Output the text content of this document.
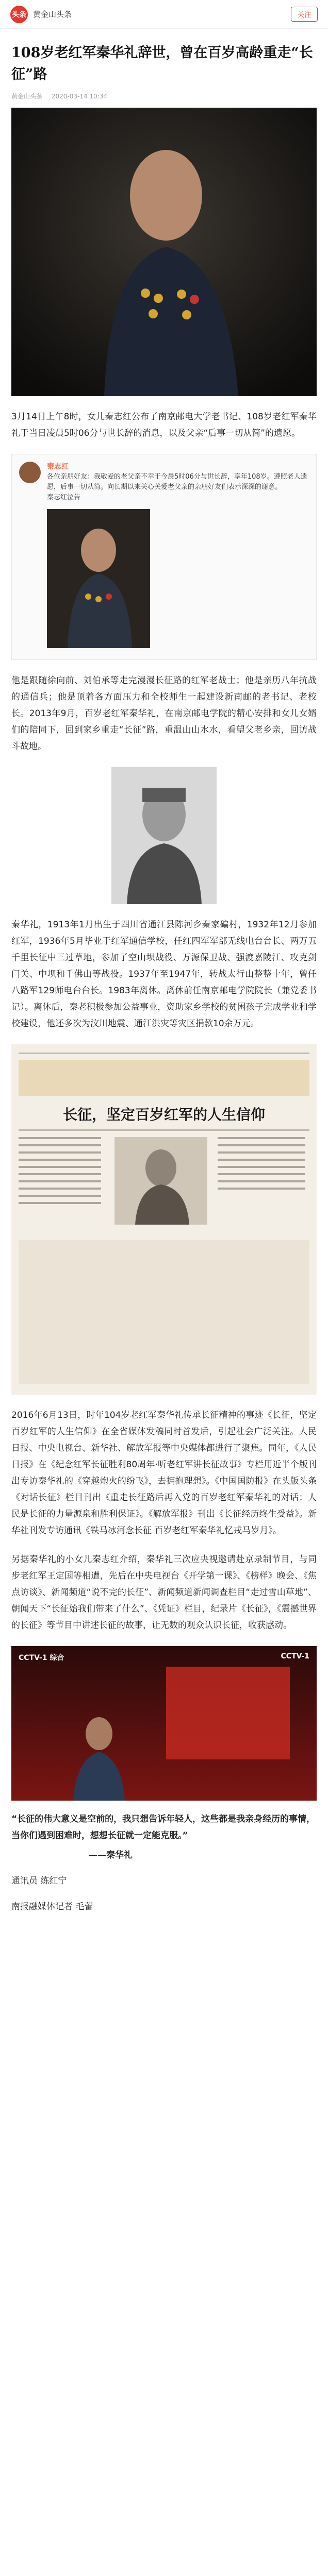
头条 黄金山头条	关注
108岁老红军秦华礼辞世，曾在百岁高龄重走“长征”路
黄金山头条 2020-03-14 10:34

3月14日上午8时，女儿秦志红公布了南京邮电大学老书记、108岁老红军秦华礼于当日凌晨5时06分与世长辞的消息，以及父亲“后事一切从简”的遗愿。

秦志红
各位亲朋好友：我敬爱的老父亲不幸于今晨5时06分与世长辞，享年108岁。遵照老人遗愿，后事一切从简。向长期以来关心关爱老父亲的亲朋好友们表示深深的谢意。
秦志红泣告

他是跟随徐向前、刘伯承等走完漫漫长征路的红军老战士；他是亲历八年抗战的通信兵；他是顶着各方面压力和全校师生一起建设新南邮的老书记、老校长。2013年9月，百岁老红军秦华礼，在南京邮电学院的精心安排和女儿女婿们的陪同下，回到家乡重走“长征”路，重温山山水水，看望父老乡亲，回访战斗故地。

秦华礼，1913年1月出生于四川省通江县陈河乡秦家碥村，1932年12月参加红军，1936年5月毕业于红军通信学校，任红四军军部无线电台台长、两万五千里长征中三过草地，参加了空山坝战役、万源保卫战、强渡嘉陵江、攻克剑门关、中坝和千佛山等战役。1937年至1947年，转战太行山整整十年，曾任八路军129师电台台长。1983年离休。离休前任南京邮电学院院长（兼党委书记）。离休后，秦老积极参加公益事业，资助家乡学校的贫困孩子完成学业和学校建设，他还多次为汶川地震、通江洪灾等灾区捐款10余万元。

长征，坚定百岁红军的人生信仰

2016年6月13日，时年104岁老红军秦华礼传承长征精神的事迹《长征，坚定百岁红军的人生信仰》在全省媒体发稿同时首发后，引起社会广泛关注。人民日报、中央电视台、新华社、解放军报等中央媒体都进行了聚焦。同年，《人民日报》在《纪念红军长征胜利80周年·听老红军讲长征故事》专栏用近半个版刊出专访秦华礼的《穿越炮火的纷飞》，去拥抱理想》。《中国国防报》在头版头条《对话长征》栏目刊出《重走长征路后再入党的百岁老红军秦华礼的对话：人民是长征的力量源泉和胜利保证》。《解放军报》刊出《长征经历终生受益》。新华社刊发专访通讯《铁马冰河念长征 百岁老红军秦华礼忆戎马岁月》。

另据秦华礼的小女儿秦志红介绍，秦华礼三次应央视邀请赴京录制节目，与同步老红军王定国等相遭，先后在中央电视台《开学第一课》、《榜样》晚会、《焦点访谈》、新闻频道“说不完的长征”、新闻频道新闻调查栏目“走过雪山草地”、朝闻天下“长征始我们带来了什么”、《凭证》栏目，纪录片《长征》，《震撼世界的长征》等节目中讲述长征的故事，让无数的观众认识长征，收获感动。

CCTV-1 综合	CCTV-1
“长征的伟大意义是空前的，我只想告诉年轻人，这些都是我亲身经历的事情，当你们遇到困难时，想想长征就一定能克服。”
——秦华礼
通讯员 练红宁
南报融媒体记者 毛蕾
